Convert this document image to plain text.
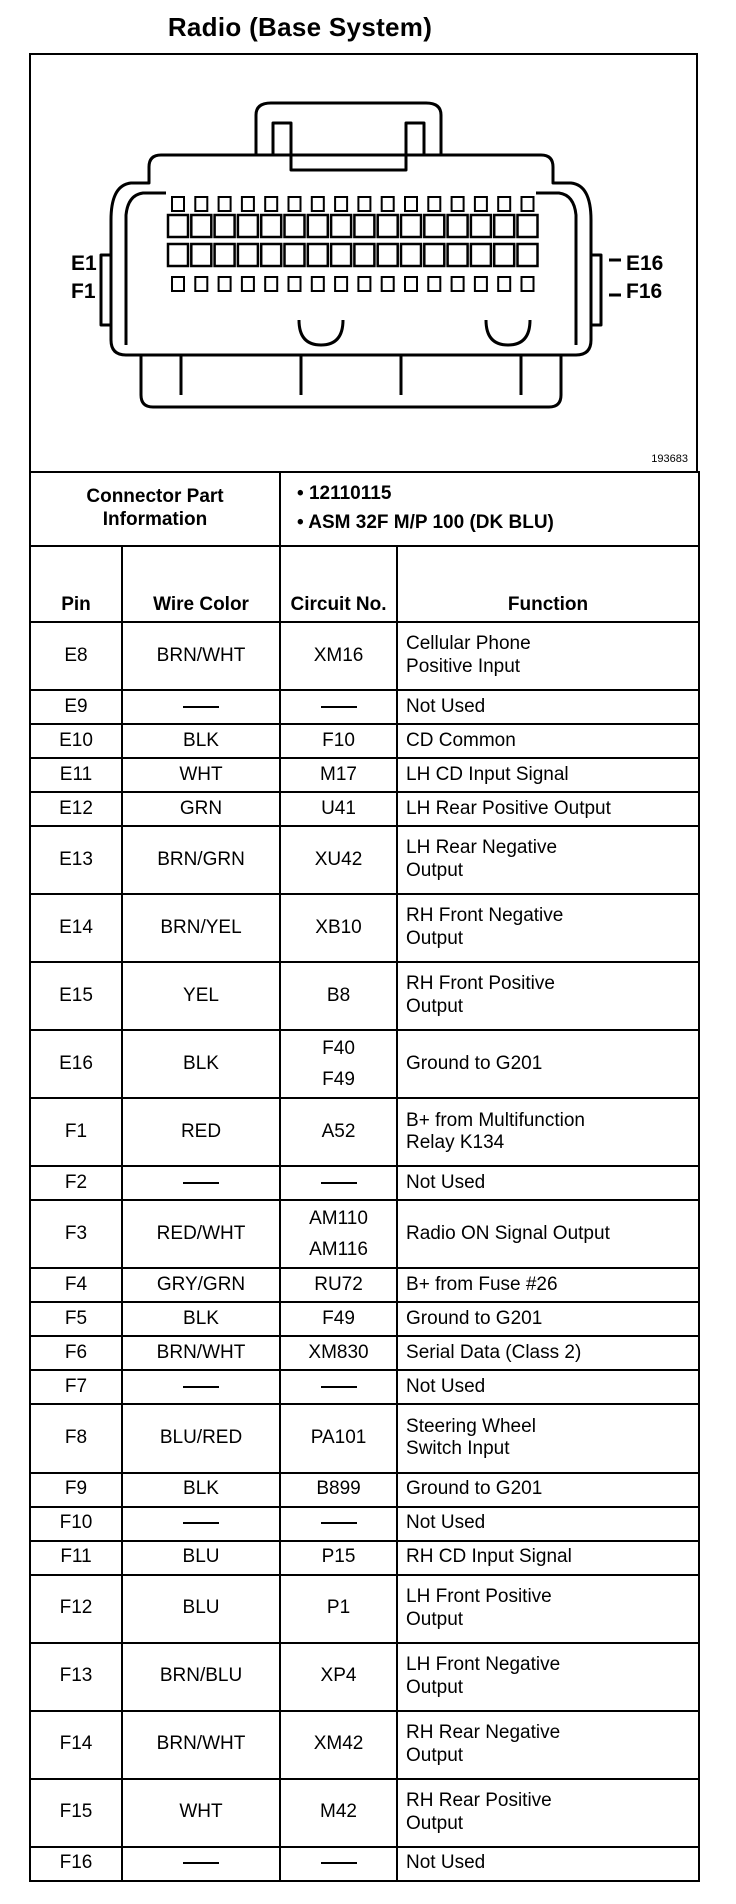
Radio (Base System)
E1
F1
E16
F16
193683
Connector Part Information		• 12110115
• ASM 32F M/P 100 (DK BLU)	

Pin	Wire Color	Circuit No.	Function
E8	BRN/WHT	XM16	Cellular Phone
Positive Input

E9			Not Used

E10	BLK	F10	CD Common

E11	WHT	M17	LH CD Input Signal

E12	GRN	U41	LH Rear Positive Output

E13	BRN/GRN	XU42	LH Rear Negative
Output

E14	BRN/YEL	XB10	RH Front Negative
Output

E15	YEL	B8	RH Front Positive
Output

E16	BLK	F40
F49	Ground to G201

F1	RED	A52	B+ from Multifunction
Relay K134

F2			Not Used

F3	RED/WHT	AM110
AM116	Radio ON Signal Output

F4	GRY/GRN	RU72	B+ from Fuse #26

F5	BLK	F49	Ground to G201

F6	BRN/WHT	XM830	Serial Data (Class 2)

F7			Not Used

F8	BLU/RED	PA101	Steering Wheel
Switch Input

F9	BLK	B899	Ground to G201

F10			Not Used

F11	BLU	P15	RH CD Input Signal

F12	BLU	P1	LH Front Positive
Output

F13	BRN/BLU	XP4	LH Front Negative
Output

F14	BRN/WHT	XM42	RH Rear Negative
Output

F15	WHT	M42	RH Rear Positive
Output

F16			Not Used
